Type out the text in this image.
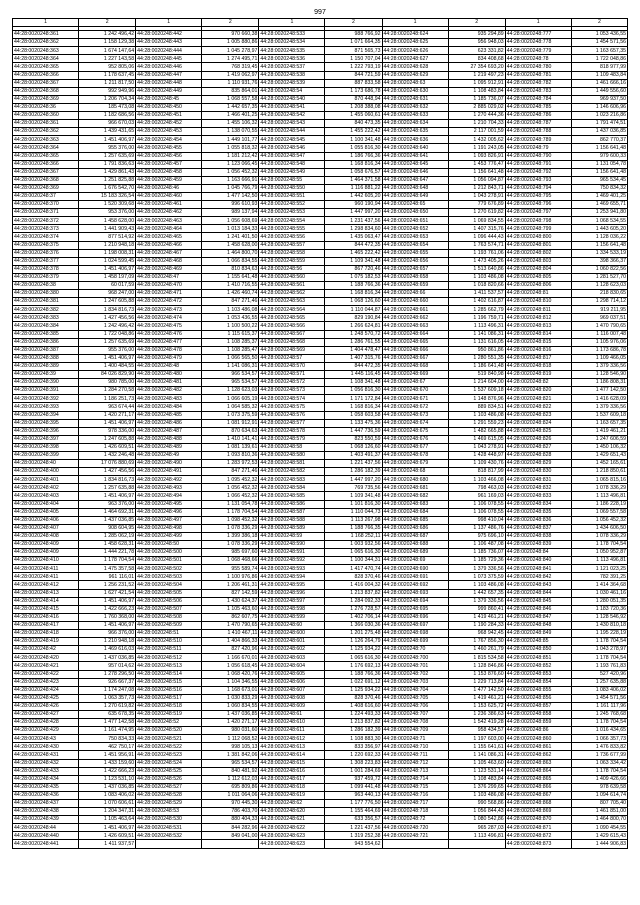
997
1	2	1	2	1	2	1	2	1	2

44:28:0020248:361	1 242 496,42	44:28:0020248:442	970 660,38	44:28:0020248:533	988 766,92	44:28:0020248:624	935 294,89	44:28:0020248:777	1 053 436,55
44:28:0020248:362	1 158 129,38	44:28:0020248:443	1 005 880,86	44:28:0020248:534	1 071 664,35	44:28:0020248:625	956 948,03	44:28:0020248:778	1 454 571,56
44:28:0020248:363	1 674 147,64	44:28:0020248:444	1 045 278,97	44:28:0020248:535	871 565,73	44:28:0020248:626	623 331,82	44:28:0020248:779	1 163 657,35
44:28:0020248:364	1 227 143,58	44:28:0020248:445	1 274 495,71	44:28:0020248:536	1 150 707,04	44:28:0020248:627	834 408,68	44:28:0020248:78	1 722 048,86
44:28:0020248:365	952 805,06	44:28:0020248:446	768 319,45	44:28:0020248:537	1 222 793,19	44:28:0020248:628	27 354 693,20	44:28:0020248:780	818 977,99
44:28:0020248:366	1 178 637,45	44:28:0020248:447	1 419 062,97	44:28:0020248:538	844 721,59	44:28:0020248:629	1 219 497,23	44:28:0020248:781	1 109 483,84
44:28:0020248:367	1 211 817,50	44:28:0020248:448	1 110 931,76	44:28:0020248:539	887 833,58	44:28:0020248:63	1 095 912,91	44:28:0020248:782	1 461 666,16
44:28:0020248:368	992 949,96	44:28:0020248:449	835 864,01	44:28:0020248:54	1 173 686,78	44:28:0020248:630	1 108 483,84	44:28:0020248:783	1 449 556,60
44:28:0020248:369	1 206 704,34	44:28:0020248:45	1 068 557,58	44:28:0020248:540	870 448,94	44:28:0020248:631	1 185 736,07	44:28:0020248:784	969 937,50
44:28:0020248:36	185 473,08	44:28:0020248:450	1 442 657,35	44:28:0020248:541	1 208 388,08	44:28:0020248:632	2 885 029,02	44:28:0020248:785	1 146 606,96
44:28:0020248:360	1 182 686,56	44:28:0020248:451	1 466 401,25	44:28:0020248:542	1 455 060,61	44:28:0020248:633	1 270 444,36	44:28:0020248:786	1 023 216,86
44:28:0020248:361	966 670,03	44:28:0020248:452	1 455 106,32	44:28:0020248:543	840 473,35	44:28:0020248:634	1 210 704,33	44:28:0020248:787	1 791 474,51
44:28:0020248:362	1 439 431,65	44:28:0020248:453	1 138 070,55	44:28:0020248:544	1 455 222,42	44:28:0020248:635	2 117 001,59	44:28:0020248:788	1 437 036,85
44:28:0020248:363	1 451 406,97	44:28:0020248:454	1 449 101,77	44:28:0020248:545	1 100 341,48	44:28:0020248:636	1 432 005,62	44:28:0020248:789	862 770,37
44:28:0020248:364	955 376,00	44:28:0020248:455	1 055 818,32	44:28:0020248:546	1 055 816,30	44:28:0020248:640	1 191 243,05	44:28:0020248:79	1 156 641,48
44:28:0020248:365	1 257 635,69	44:28:0020248:456	1 181 212,42	44:28:0020248:547	1 186 766,36	44:28:0020248:641	1 093 826,91	44:28:0020248:790	979 600,33
44:28:0020248:366	1 791 836,63	44:28:0020248:457	1 123 066,45	44:28:0020248:548	1 168 816,34	44:28:0020248:645	1 453 776,47	44:28:0020248:791	1 131 054,78
44:28:0020248:367	1 429 861,43	44:28:0020248:458	1 056 452,32	44:28:0020248:549	1 058 676,57	44:28:0020248:646	1 156 641,48	44:28:0020248:792	1 156 641,48
44:28:0020248:368	1 251 825,88	44:28:0020248:459	1 163 666,91	44:28:0020248:55	1 464 371,58	44:28:0020248:647	1 056 094,87	44:28:0020248:793	965 534,45
44:28:0020248:369	1 676 542,70	44:28:0020248:46	1 045 766,79	44:28:0020248:550	1 116 881,22	44:28:0020248:648	1 212 843,71	44:28:0020248:794	750 834,32
44:28:0020248:37	15 183 326,54	44:28:0020248:460	1 477 142,50	44:28:0020248:551	1 442 605,20	44:28:0020248:649	1 043 278,91	44:28:0020248:795	1 469 401,25
44:28:0020248:370	1 520 309,68	44:28:0020248:461	996 610,93	44:28:0020248:552	960 190,94	44:28:0020248:65	779 676,89	44:28:0020248:796	1 469 655,71
44:28:0020248:371	953 376,00	44:28:0020248:462	989 137,94	44:28:0020248:553	1 447 997,20	44:28:0020248:650	1 270 619,82	44:28:0020248:797	1 253 941,80
44:28:0020248:372	1 458 628,00	44:28:0020248:463	1 056 608,69	44:28:0020248:554	1 231 437,56	44:28:0020248:651	1 069 834,55	44:28:0020248:798	1 068 534,55
44:28:0020248:373	1 441 909,43	44:28:0020248:464	1 013 184,33	44:28:0020248:555	1 298 834,60	44:28:0020248:652	1 407 315,76	44:28:0020248:799	1 443 605,20
44:28:0020248:374	877 514,92	44:28:0020248:465	1 241 401,50	44:28:0020248:556	1 435 063,47	44:28:0020248:653	1 096 444,43	44:28:0020248:800	1 128 036,22
44:28:0020248:375	1 210 948,18	44:28:0020248:466	1 458 628,00	44:28:0020248:557	844 472,35	44:28:0020248:654	1 763 574,71	44:28:0020248:801	1 156 641,48
44:28:0020248:376	1 198 008,31	44:28:0020248:467	1 464 800,70	44:28:0020248:558	1 465 222,42	44:28:0020248:655	1 193 761,06	44:28:0020248:802	1 334 533,19
44:28:0020248:377	1 024 599,45	44:28:0020248:468	1 066 834,55	44:28:0020248:559	1 109 341,48	44:28:0020248:656	1 473 405,26	44:28:0020248:803	398 366,37
44:28:0020248:378	1 451 406,97	44:28:0020248:469	810 834,63	44:28:0020248:56	867 720,46	44:28:0020248:657	1 513 640,86	44:28:0020248:804	1 060 822,56
44:28:0020248:379	1 458 197,09	44:28:0020248:47	1 155 641,48	44:28:0020248:560	1 075 182,53	44:28:0020248:658	1 103 486,08	44:28:0020248:805	1 281 527,70
44:28:0020248:38	60 017,59	44:28:0020248:470	1 410 716,55	44:28:0020248:561	1 188 766,36	44:28:0020248:659	1 018 820,66	44:28:0020248:806	1 128 623,03
44:28:0020248:380	968 247,00	44:28:0020248:471	1 426 460,74	44:28:0020248:562	1 168 816,34	44:28:0020248:66	1 411 537,57	44:28:0020248:81	218 830,65
44:28:0020248:381	1 247 605,88	44:28:0020248:472	847 271,46	44:28:0020248:563	1 068 126,60	44:28:0020248:660	1 402 616,87	44:28:0020248:810	1 298 714,12
44:28:0020248:382	1 834 816,73	44:28:0020248:473	1 103 486,08	44:28:0020248:564	1 110 044,87	44:28:0020248:661	1 285 662,79	44:28:0020248:811	919 211,95
44:28:0020248:383	1 427 456,56	44:28:0020248:474	1 053 436,55	44:28:0020248:565	829 190,84	44:28:0020248:662	1 196 759,71	44:28:0020248:812	969 037,51
44:28:0020248:384	1 242 496,42	44:28:0020248:475	1 100 500,22	44:28:0020248:566	1 266 624,81	44:28:0020248:663	1 113 496,31	44:28:0020248:813	1 470 790,65
44:28:0020248:385	1 722 048,86	44:28:0020248:476	1 115 615,37	44:28:0020248:567	1 248 570,72	44:28:0020248:664	1 141 086,31	44:28:0020248:814	1 116 007,48
44:28:0020248:386	1 257 635,69	44:28:0020248:477	1 108 285,37	44:28:0020248:568	1 286 761,55	44:28:0020248:665	1 131 616,05	44:28:0020248:815	1 105 976,06
44:28:0020248:387	955 376,00	44:28:0020248:478	1 108 285,47	44:28:0020248:569	1 404 478,47	44:28:0020248:666	950 861,86	44:28:0020248:816	1 173 686,78
44:28:0020248:388	1 451 406,97	44:28:0020248:479	1 066 565,50	44:28:0020248:57	1 407 315,76	44:28:0020248:667	1 280 551,35	44:28:0020248:817	1 109 466,05
44:28:0020248:389	1 400 484,55	44:28:0020248:48	1 141 086,31	44:28:0020248:570	844 472,35	44:28:0020248:668	1 186 641,48	44:28:0020248:818	1 379 336,56
44:28:0020248:39	84 026 829,90	44:28:0020248:480	966 534,57	44:28:0020248:571	1 445 116,45	44:28:0020248:669	519 840,98	44:28:0020248:819	1 128 546,90
44:28:0020248:390	980 785,00	44:28:0020248:481	965 534,57	44:28:0020248:572	1 108 341,48	44:28:0020248:67	1 214 604,00	44:28:0020248:82	1 186 808,31
44:28:0020248:391	1 284 270,58	44:28:0020248:482	1 128 623,03	44:28:0020248:573	1 056 816,30	44:28:0020248:670	1 537 609,18	44:28:0020248:820	1 477 142,50
44:28:0020248:392	1 186 251,73	44:28:0020248:483	1 066 605,19	44:28:0020248:574	1 171 172,84	44:28:0020248:671	1 148 876,96	44:28:0020248:821	1 416 628,09
44:28:0020248:393	963 674,44	44:28:0020248:484	1 064 585,32	44:28:0020248:575	1 168 816,34	44:28:0020248:672	889 834,51	44:28:0020248:822	1 379 336,56
44:28:0020248:394	1 420 271,17	44:28:0020248:485	1 073 375,59	44:28:0020248:576	1 058 603,58	44:28:0020248:673	1 103 486,08	44:28:0020248:823	1 537 609,18
44:28:0020248:395	1 451 406,97	44:28:0020248:486	1 081 912,91	44:28:0020248:577	1 133 475,36	44:28:0020248:674	1 291 559,23	44:28:0020248:824	1 163 657,35
44:28:0020248:396	978 336,00	44:28:0020248:487	870 634,63	44:28:0020248:578	1 447 736,59	44:28:0020248:675	1 482 665,88	44:28:0020248:825	1 419 461,21
44:28:0020248:397	1 247 605,88	44:28:0020248:488	1 410 141,41	44:28:0020248:579	823 550,59	44:28:0020248:676	1 469 615,05	44:28:0020248:826	1 247 606,59
44:28:0020248:398	1 426 609,51	44:28:0020248:489	1 081 139,61	44:28:0020248:58	1 068 126,60	44:28:0020248:677	1 043 278,91	44:28:0020248:827	1 450 106,32
44:28:0020248:399	1 432 246,48	44:28:0020248:49	1 093 810,36	44:28:0020248:580	1 403 491,37	44:28:0020248:678	1 428 448,97	44:28:0020248:828	1 429 651,43
44:28:0020248:40	17 076 880,69	44:28:0020248:490	1 283 972,53	44:28:0020248:581	1 221 437,56	44:28:0020248:679	1 109 430,76	44:28:0020248:829	1 452 165,61
44:28:0020248:400	1 427 456,56	44:28:0020248:491	847 271,46	44:28:0020248:582	1 286 182,39	44:28:0020248:68	818 817,99	44:28:0020248:830	1 218 850,61
44:28:0020248:401	1 834 816,73	44:28:0020248:492	1 095 452,32	44:28:0020248:583	1 447 997,20	44:28:0020248:680	1 103 466,08	44:28:0020248:831	1 065 815,16
44:28:0020248:402	1 257 635,88	44:28:0020248:493	1 056 452,32	44:28:0020248:584	769 735,56	44:28:0020248:681	798 463,03	44:28:0020248:832	1 078 336,29
44:28:0020248:403	1 451 406,97	44:28:0020248:494	1 066 452,32	44:28:0020248:585	1 109 341,48	44:28:0020248:682	961 169,03	44:28:0020248:833	1 113 496,81
44:28:0020248:404	963 376,00	44:28:0020248:495	1 131 054,78	44:28:0020248:586	1 101 816,30	44:28:0020248:683	1 106 078,55	44:28:0020248:834	1 186 228,19
44:28:0020248:405	1 464 692,31	44:28:0020248:496	1 178 704,54	44:28:0020248:587	1 110 044,73	44:28:0020248:684	1 106 078,55	44:28:0020248:835	1 069 557,58
44:28:0020248:406	1 437 036,85	44:28:0020248:497	1 098 452,32	44:28:0020248:588	1 113 267,98	44:28:0020248:685	998 410,04	44:28:0020248:836	1 056 452,32
44:28:0020248:407	908 604,95	44:28:0020248:498	1 078 336,29	44:28:0020248:589	1 188 766,35	44:28:0020248:686	1 137 486,76	44:28:0020248:837	1 434 606,50
44:28:0020248:408	1 285 062,19	44:28:0020248:499	1 399 386,18	44:28:0020248:59	1 168 252,11	44:28:0020248:687	975 696,10	44:28:0020248:838	1 078 336,29
44:28:0020248:409	1 458 628,31	44:28:0020248:50	1 078 336,29	44:28:0020248:590	1 003 932,56	44:28:0020248:688	1 106 487,08	44:28:0020248:839	1 178 704,54
44:28:0020248:409	1 444 221,78	44:28:0020248:500	985 697,60	44:28:0020248:591	1 065 616,30	44:28:0020248:689	1 185 736,07	44:28:0020248:84	1 050 952,87
44:28:0020248:410	1 178 704,54	44:28:0020248:501	1 068 468,66	44:28:0020248:592	1 100 344,31	44:28:0020248:69	1 185 729,36	44:28:0020248:840	1 113 496,81
44:28:0020248:411	1 475 357,58	44:28:0020248:502	955 589,74	44:28:0020248:593	1 417 470,74	44:28:0020248:690	1 379 336,56	44:28:0020248:841	1 121 023,25
44:28:0020248:411	961 116,01	44:28:0020248:503	1 100 976,86	44:28:0020248:594	828 370,46	44:28:0020248:691	1 073 375,59	44:28:0020248:842	782 391,25
44:28:0020248:412	1 256 231,52	44:28:0020248:504	1 206 461,31	44:28:0020248:595	1 416 004,32	44:28:0020248:692	1 103 486,08	44:28:0020248:843	1 414 364,68
44:28:0020248:413	1 627 421,54	44:28:0020248:505	827 142,59	44:28:0020248:596	1 213 837,82	44:28:0020248:693	1 442 657,35	44:28:0020248:844	1 030 461,16
44:28:0020248:414	1 451 406,97	44:28:0020248:506	1 430 624,37	44:28:0020248:597	1 284 092,33	44:28:0020248:694	1 379 336,56	44:28:0020248:845	1 280 051,35
44:28:0020248:415	1 422 666,23	44:28:0020248:507	1 105 463,60	44:28:0020248:598	1 276 728,57	44:28:0020248:695	999 860,41	44:28:0020248:846	1 183 720,36
44:28:0020248:416	1 760 368,00	44:28:0020248:508	862 607,75	44:28:0020248:599	1 402 706,14	44:28:0020248:696	1 419 461,21	44:28:0020248:847	1 128 546,92
44:28:0020248:417	1 451 406,97	44:28:0020248:509	1 470 790,65	44:28:0020248:60	1 366 030,36	44:28:0020248:697	1 190 284,33	44:28:0020248:848	1 430 810,18
44:28:0020248:418	966 376,00	44:28:0020248:51	1 410 467,11	44:28:0020248:600	1 201 275,48	44:28:0020248:698	968 942,45	44:28:0020248:849	1 195 228,19
44:28:0020248:419	1 210 948,18	44:28:0020248:510	1 404 866,33	44:28:0020248:601	1 126 264,79	44:28:0020248:699	1 767 856,30	44:28:0020248:85	1 178 704,54
44:28:0020248:42	1 469 616,03	44:28:0020248:511	827 420,96	44:28:0020248:602	1 125 934,22	44:28:0020248:70	1 460 261,79	44:28:0020248:850	1 043 278,97
44:28:0020248:420	1 437 036,85	44:28:0020248:512	1 166 670,01	44:28:0020248:603	1 065 616,30	44:28:0020248:700	1 815 534,58	44:28:0020248:851	1 178 704,54
44:28:0020248:421	957 014,62	44:28:0020248:513	1 056 618,45	44:28:0020248:604	1 176 692,13	44:28:0020248:701	1 128 846,86	44:28:0020248:852	1 193 761,83
44:28:0020248:422	1 278 296,50	44:28:0020248:514	1 068 420,76	44:28:0020248:605	1 188 766,36	44:28:0020248:702	1 153 876,60	44:28:0020248:853	527 420,96
44:28:0020248:423	926 667,37	44:28:0020248:515	1 104 346,55	44:28:0020248:606	1 022 691,12	44:28:0020248:703	1 229 713,84	44:28:0020248:854	1 257 635,88
44:28:0020248:424	1 174 247,08	44:28:0020248:516	1 168 673,01	44:28:0020248:607	1 125 934,22	44:28:0020248:704	1 477 142,50	44:28:0020248:855	1 083 406,02
44:28:0020248:425	1 063 357,73	44:28:0020248:517	1 030 833,29	44:28:0020248:608	828 370,46	44:28:0020248:705	1 419 461,21	44:28:0020248:856	1 454 571,56
44:28:0020248:426	1 270 619,82	44:28:0020248:518	1 060 834,55	44:28:0020248:609	1 408 616,60	44:28:0020248:706	1 153 625,72	44:28:0020248:857	1 161 117,96
44:28:0020248:427	635 678,35	44:28:0020248:519	1 437 036,85	44:28:0020248:61	1 224 493,33	44:28:0020248:707	1 236 386,63	44:28:0020248:858	1 245 768,68
44:28:0020248:428	1 477 142,58	44:28:0020248:52	1 420 271,17	44:28:0020248:610	1 213 837,82	44:28:0020248:708	1 542 419,28	44:28:0020248:859	1 178 704,54
44:28:0020248:429	1 161 474,95	44:28:0020248:520	980 031,60	44:28:0020248:611	1 286 182,39	44:28:0020248:709	958 434,57	44:28:0020248:86	1 016 434,65
44:28:0020248:43	750 834,33	44:28:0020248:521	1 112 068,52	44:28:0020248:612	1 108 883,30	44:28:0020248:71	1 197 603,00	44:28:0020248:860	1 066 357,73
44:28:0020248:430	462 750,17	44:28:0020248:522	998 105,13	44:28:0020248:613	833 356,97	44:28:0020248:710	1 155 641,61	44:28:0020248:861	1 476 833,82
44:28:0020248:431	1 451 956,91	44:28:0020248:523	1 381 842,06	44:28:0020248:614	1 220 692,33	44:28:0020248:711	1 141 086,31	44:28:0020248:862	1 736 677,99
44:28:0020248:432	1 433 159,60	44:28:0020248:524	965 534,57	44:28:0020248:615	1 308 223,83	44:28:0020248:712	1 105 463,60	44:28:0020248:863	1 063 334,42
44:28:0020248:433	1 422 666,23	44:28:0020248:525	840 481,92	44:28:0020248:616	1 001 284,69	44:28:0020248:713	1 123 531,14	44:28:0020248:864	1 178 704,54
44:28:0020248:434	1 123 531,10	44:28:0020248:526	1 112 612,03	44:28:0020248:617	937 459,72	44:28:0020248:714	1 108 483,84	44:28:0020248:865	1 409 426,66
44:28:0020248:435	1 437 036,85	44:28:0020248:527	695 809,86	44:28:0020248:618	1 099 441,48	44:28:0020248:715	1 376 299,65	44:28:0020248:866	978 639,58
44:28:0020248:436	1 083 406,02	44:28:0020248:528	1 011 064,06	44:28:0020248:619	963 440,13	44:28:0020248:716	1 103 486,08	44:28:0020248:867	1 094 614,74
44:28:0020248:437	1 070 606,61	44:28:0020248:529	970 445,30	44:28:0020248:62	1 177 776,50	44:28:0020248:717	990 568,86	44:28:0020248:868	807 705,40
44:28:0020248:438	1 204 347,31	44:28:0020248:53	786 403,70	44:28:0020248:620	1 155 464,69	44:28:0020248:718	1 056 844,43	44:28:0020248:869	1 461 851,00
44:28:0020248:439	1 105 463,64	44:28:0020248:530	880 404,33	44:28:0020248:621	633 356,57	44:28:0020248:72	1 080 542,86	44:28:0020248:870	1 464 800,70
44:28:0020248:44	1 451 406,97	44:28:0020248:531	844 282,96	44:28:0020248:622	1 221 437,56	44:28:0020248:720	965 287,03	44:28:0020248:871	1 090 454,55
44:28:0020248:440	1 426 609,51	44:28:0020248:532	849 041,00	44:28:0020248:623	1 319 252,38	44:28:0020248:721	1 113 496,81	44:28:0020248:872	1 429 615,43
44:28:0020248:441	1 411 937,57			44:28:0020248:623	943 554,62			44:28:0020248:873	1 444 906,83
